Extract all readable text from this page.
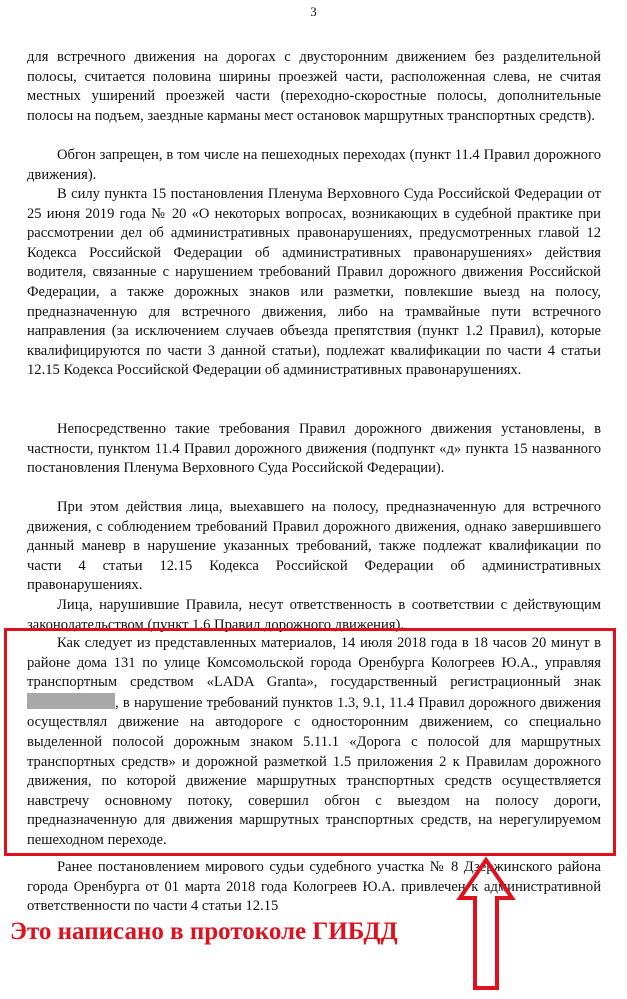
3

для встречного движения на дорогах с двусторонним движением без разделительной полосы, считается половина ширины проезжей части, расположенная слева, не считая местных уширений проезжей части (переходно-скоростные полосы, дополнительные полосы на подъем, заездные карманы мест остановок маршрутных транспортных средств).

Обгон запрещен, в том числе на пешеходных переходах (пункт 11.4 Правил дорожного движения).

В силу пункта 15 постановления Пленума Верховного Суда Российской Федерации от 25 июня 2019 года № 20 «О некоторых вопросах, возникающих в судебной практике при рассмотрении дел об административных правонарушениях, предусмотренных главой 12 Кодекса Российской Федерации об административных правонарушениях» действия водителя, связанные с нарушением требований Правил дорожного движения Российской Федерации, а также дорожных знаков или разметки, повлекшие выезд на полосу, предназначенную для встречного движения, либо на трамвайные пути встречного направления (за исключением случаев объезда препятствия (пункт 1.2 Правил), которые квалифицируются по части 3 данной статьи), подлежат квалификации по части 4 статьи 12.15 Кодекса Российской Федерации об административных правонарушениях.

Непосредственно такие требования Правил дорожного движения установлены, в частности, пунктом 11.4 Правил дорожного движения (подпункт «д» пункта 15 названного постановления Пленума Верховного Суда Российской Федерации).

При этом действия лица, выехавшего на полосу, предназначенную для встречного движения, с соблюдением требований Правил дорожного движения, однако завершившего данный маневр в нарушение указанных требований, также подлежат квалификации по части 4 статьи 12.15 Кодекса Российской Федерации об административных правонарушениях.

Лица, нарушившие Правила, несут ответственность в соответствии с действующим законодательством (пункт 1.6 Правил дорожного движения).

Как следует из представленных материалов, 14 июля 2018 года в 18 часов 20 минут в районе дома 131 по улице Комсомольской города Оренбурга Кологреев Ю.А., управляя транспортным средством «LADA Granta», государственный регистрационный знак , в нарушение требований пунктов 1.3, 9.1, 11.4 Правил дорожного движения осуществлял движение на автодороге с односторонним движением, со специально выделенной полосой дорожным знаком 5.11.1 «Дорога с полосой для маршрутных транспортных средств» и дорожной разметкой 1.5 приложения 2 к Правилам дорожного движения, по которой движение маршрутных транспортных средств осуществляется навстречу основному потоку, совершил обгон с выездом на полосу дороги, предназначенную для движения маршрутных транспортных средств, на нерегулируемом пешеходном переходе.

Ранее постановлением мирового судьи судебного участка № 8 Дзержинского района города Оренбурга от 01 марта 2018 года Кологреев Ю.А. привлечен к административной ответственности по части 4 статьи 12.15

Это написано в протоколе ГИБДД
